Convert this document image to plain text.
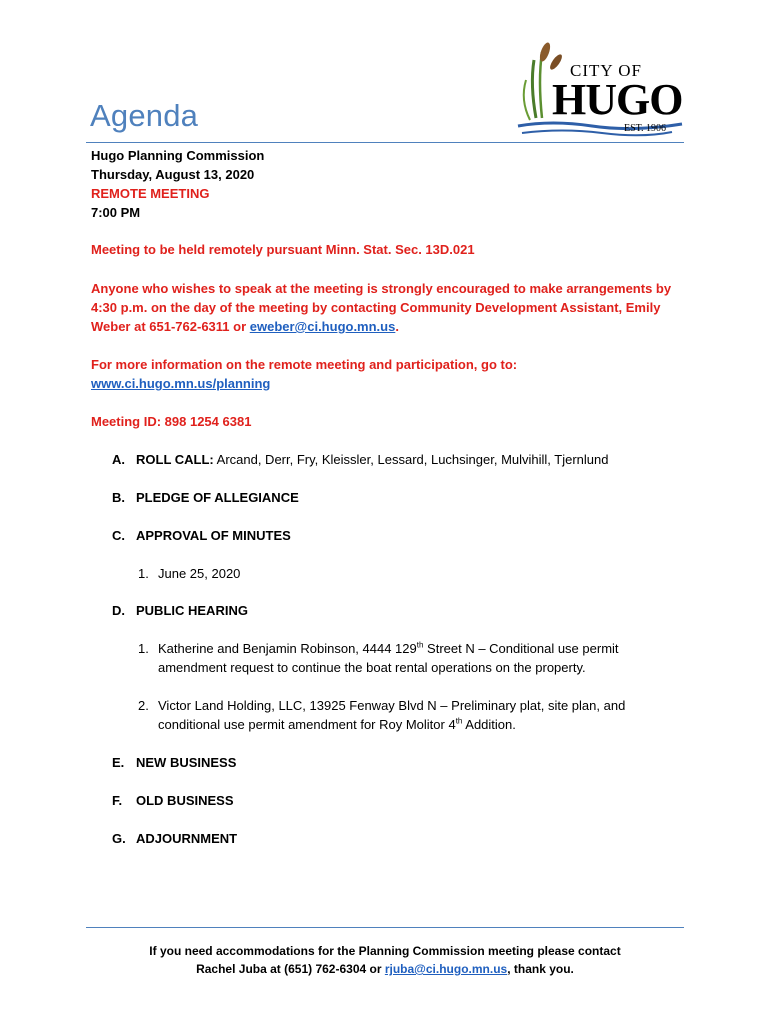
CITY OF
HUGO
EST. 1906
Agenda
Hugo Planning Commission
Thursday, August 13, 2020
REMOTE MEETING
7:00 PM
Meeting to be held remotely pursuant Minn. Stat. Sec. 13D.021
Anyone who wishes to speak at the meeting is strongly encouraged to make arrangements by 4:30 p.m. on the day of the meeting by contacting Community Development Assistant, Emily Weber at 651-762-6311 or eweber@ci.hugo.mn.us.
For more information on the remote meeting and participation, go to:
www.ci.hugo.mn.us/planning
Meeting ID: 898 1254 6381
A. ROLL CALL: Arcand, Derr, Fry, Kleissler, Lessard, Luchsinger, Mulvihill, Tjernlund
B. PLEDGE OF ALLEGIANCE
C. APPROVAL OF MINUTES
1. June 25, 2020
D. PUBLIC HEARING
1. Katherine and Benjamin Robinson, 4444 129th Street N – Conditional use permit amendment request to continue the boat rental operations on the property.
2. Victor Land Holding, LLC, 13925 Fenway Blvd N – Preliminary plat, site plan, and conditional use permit amendment for Roy Molitor 4th Addition.
E. NEW BUSINESS
F. OLD BUSINESS
G. ADJOURNMENT
If you need accommodations for the Planning Commission meeting please contact
Rachel Juba at (651) 762-6304 or rjuba@ci.hugo.mn.us, thank you.
